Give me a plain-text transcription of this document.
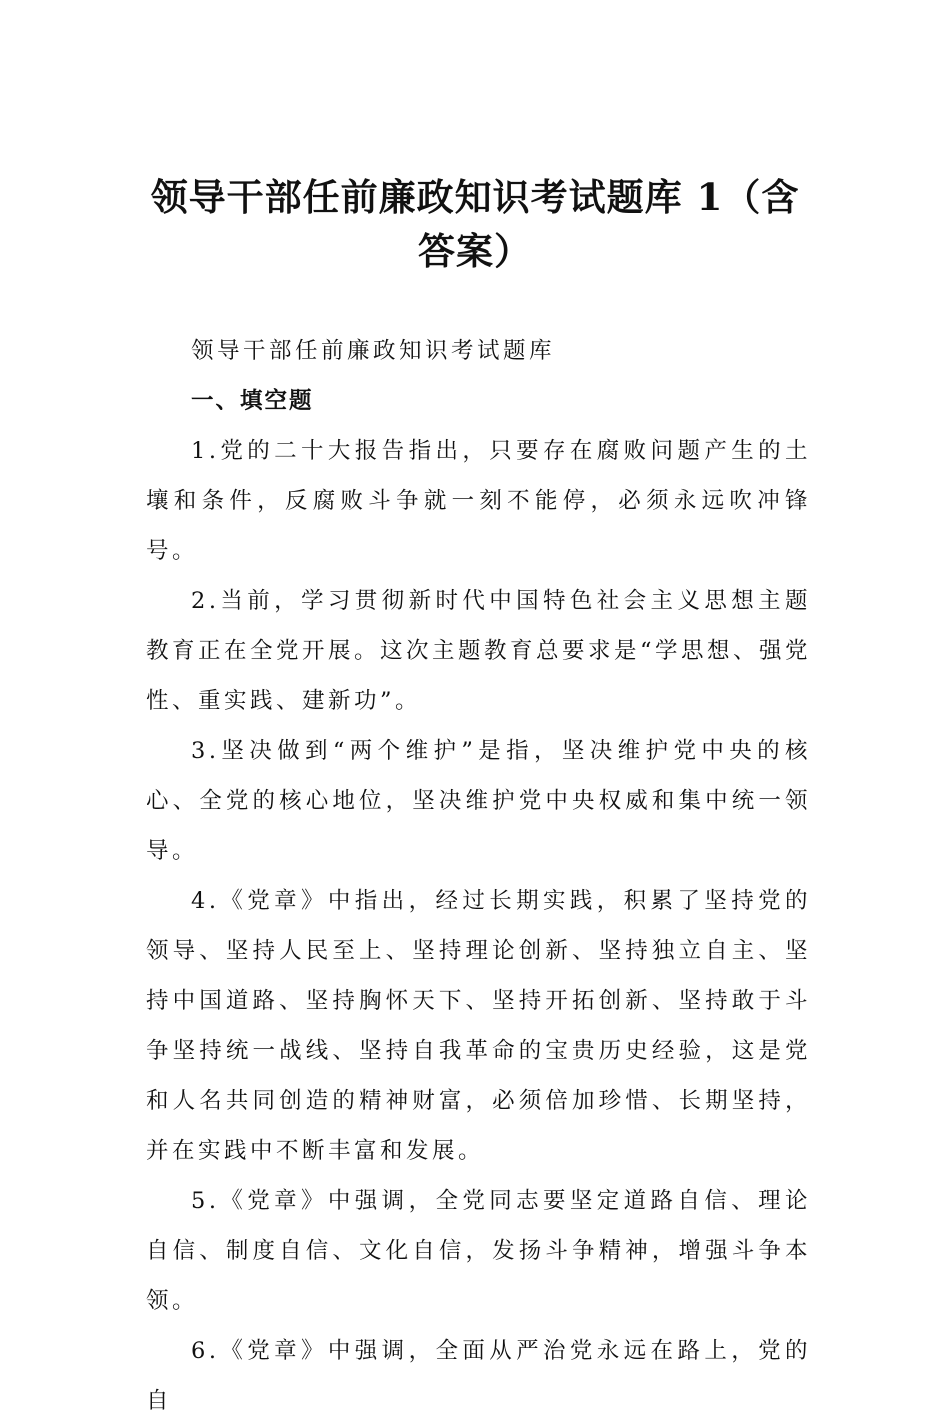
领导干部任前廉政知识考试题库 1（含答案）

领导干部任前廉政知识考试题库

一、填空题

1.党的二十大报告指出，只要存在腐败问题产生的土壤和条件，反腐败斗争就一刻不能停，必须永远吹冲锋号。

2.当前，学习贯彻新时代中国特色社会主义思想主题教育正在全党开展。这次主题教育总要求是“学思想、强党性、重实践、建新功”。

3.坚决做到“两个维护”是指，坚决维护党中央的核心、全党的核心地位，坚决维护党中央权威和集中统一领导。

4.《党章》中指出，经过长期实践，积累了坚持党的领导、坚持人民至上、坚持理论创新、坚持独立自主、坚持中国道路、坚持胸怀天下、坚持开拓创新、坚持敢于斗争坚持统一战线、坚持自我革命的宝贵历史经验，这是党和人名共同创造的精神财富，必须倍加珍惜、长期坚持，并在实践中不断丰富和发展。

5.《党章》中强调，全党同志要坚定道路自信、理论自信、制度自信、文化自信，发扬斗争精神，增强斗争本领。

6.《党章》中强调，全面从严治党永远在路上，党的自
